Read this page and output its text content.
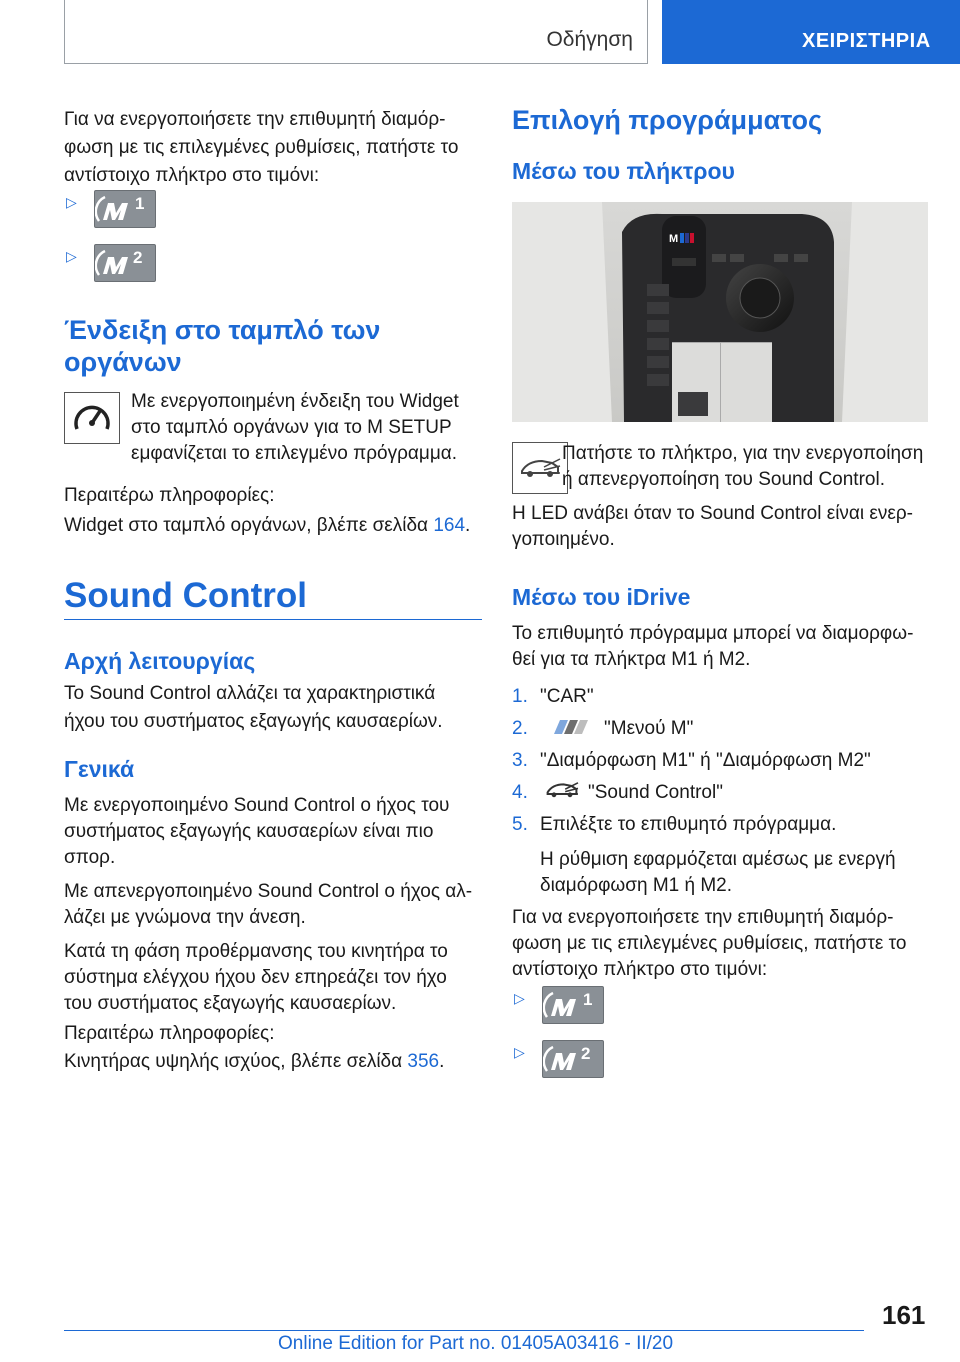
Οδήγηση	ΧΕΙΡΙΣΤΗΡΙΑ

Για να ενεργοποιήσετε την επιθυμητή διαμόρ-

φωση με τις επιλεγμένες ρυθμίσεις, πατήστε το

αντίστοιχο πλήκτρο στο τιμόνι:

▷	1
▷	2
Ένδειξη στο ταμπλό των
οργάνων

Με ενεργοποιημένη ένδειξη του Widget

στο ταμπλό οργάνων για το M SETUP

εμφανίζεται το επιλεγμένο πρόγραμμα.

Περαιτέρω πληροφορίες:

Widget στο ταμπλό οργάνων, βλέπε σελίδα 164.

Sound Control
Αρχή λειτουργίας

Το Sound Control αλλάζει τα χαρακτηριστικά

ήχου του συστήματος εξαγωγής καυσαερίων.

Γενικά

Με ενεργοποιημένο Sound Control ο ήχος του

συστήματος εξαγωγής καυσαερίων είναι πιο

σπορ.

Με απενεργοποιημένο Sound Control ο ήχος αλ-

λάζει με γνώμονα την άνεση.

Κατά τη φάση προθέρμανσης του κινητήρα το

σύστημα ελέγχου ήχου δεν επηρεάζει τον ήχο

του συστήματος εξαγωγής καυσαερίων.

Περαιτέρω πληροφορίες:

Κινητήρας υψηλής ισχύος, βλέπε σελίδα 356.

Επιλογή προγράμματος
Μέσω του πλήκτρου
M

Πατήστε το πλήκτρο, για την ενεργοποίηση

ή απενεργοποίηση του Sound Control.

Η LED ανάβει όταν το Sound Control είναι ενερ-

γοποιημένο.

Μέσω του iDrive

Το επιθυμητό πρόγραμμα μπορεί να διαμορφω-

θεί για τα πλήκτρα M1 ή M2.

1. "CAR"
2.	"Μενού M"
3. "Διαμόρφωση M1" ή "Διαμόρφωση M2"
4.	"Sound Control"
5. Επιλέξτε το επιθυμητό πρόγραμμα.

Η ρύθμιση εφαρμόζεται αμέσως με ενεργή

διαμόρφωση M1 ή M2.

Για να ενεργοποιήσετε την επιθυμητή διαμόρ-

φωση με τις επιλεγμένες ρυθμίσεις, πατήστε το

αντίστοιχο πλήκτρο στο τιμόνι:

▷	1
▷	2
161
Online Edition for Part no. 01405A03416 - II/20
